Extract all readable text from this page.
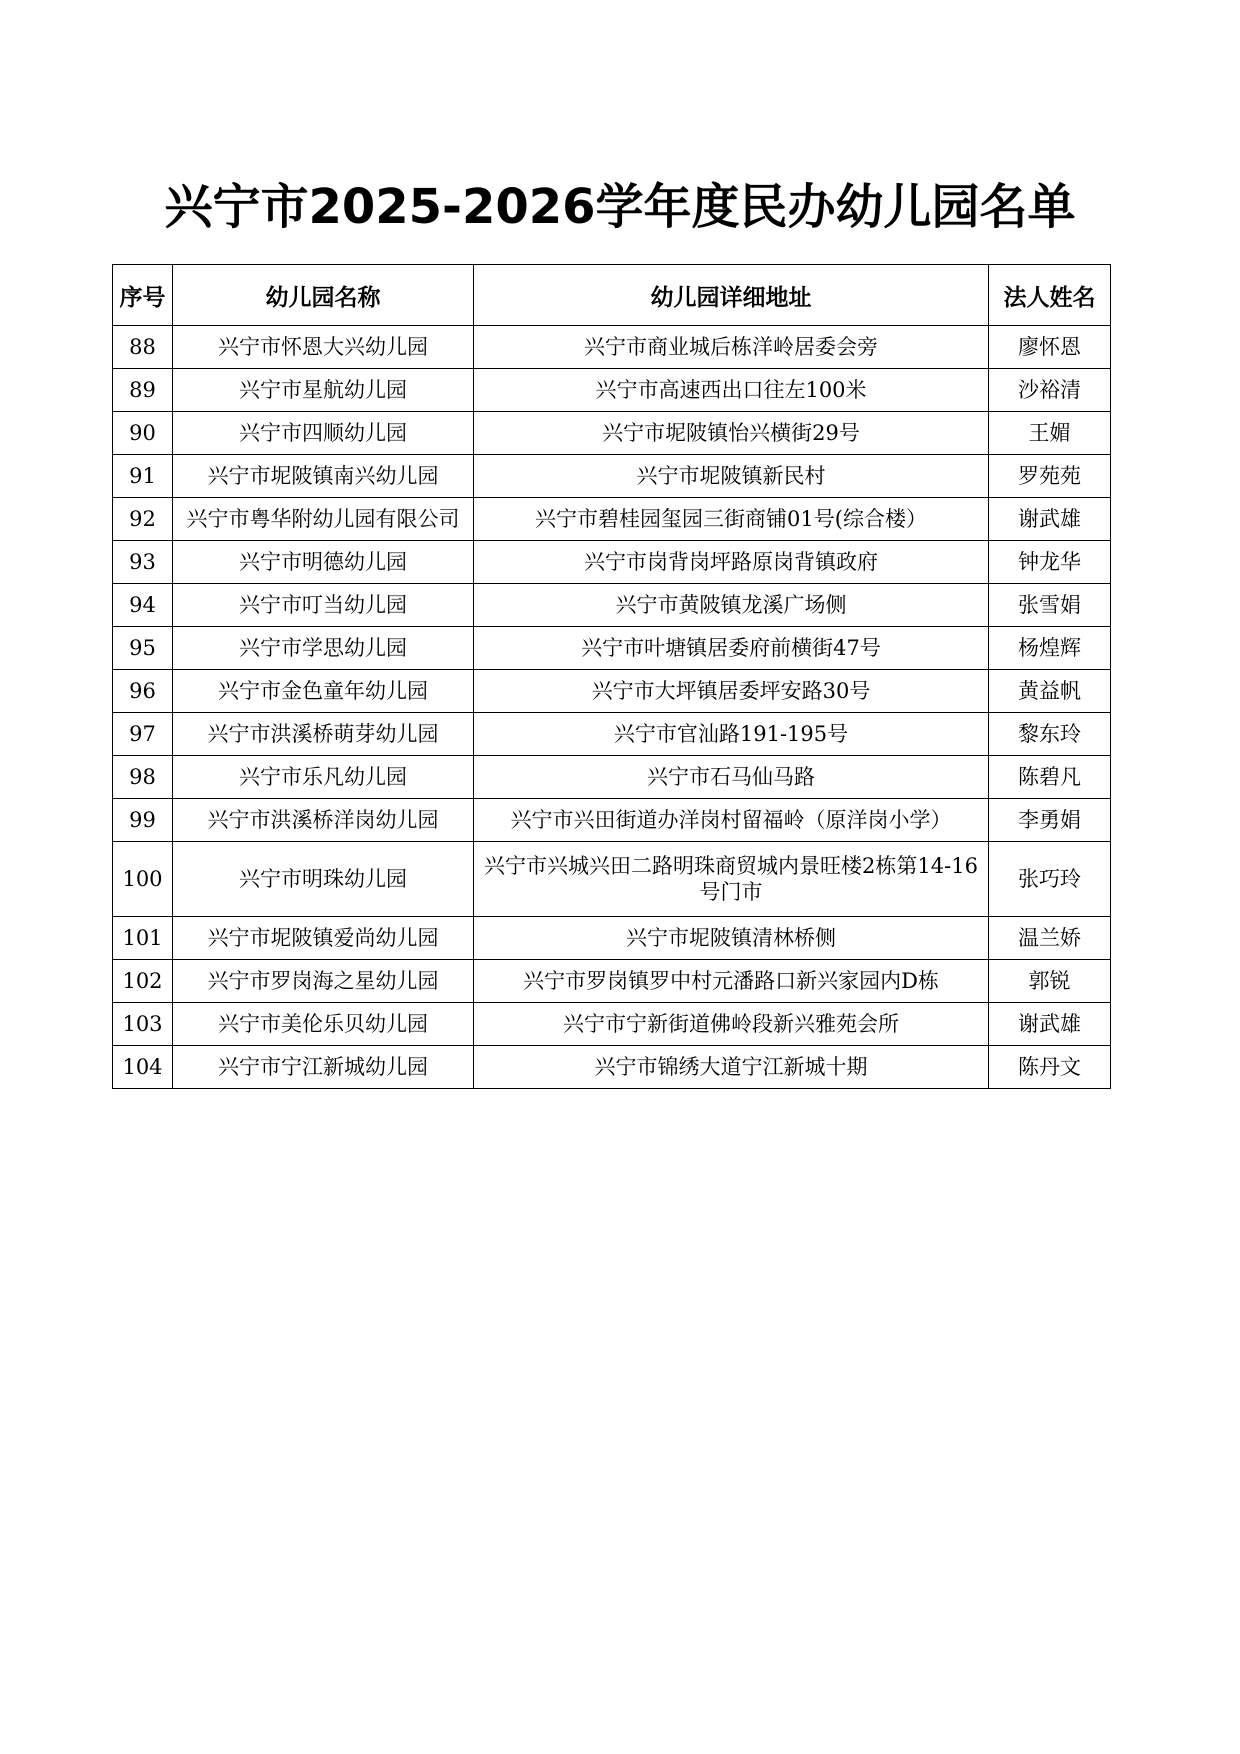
兴宁市2025-2026学年度民办幼儿园名单
序号	幼儿园名称	幼儿园详细地址	法人姓名
88	兴宁市怀恩大兴幼儿园	兴宁市商业城后栋洋岭居委会旁	廖怀恩
89	兴宁市星航幼儿园	兴宁市高速西出口往左100米	沙裕清
90	兴宁市四顺幼儿园	兴宁市坭陂镇怡兴横街29号	王媚
91	兴宁市坭陂镇南兴幼儿园	兴宁市坭陂镇新民村	罗苑苑
92	兴宁市粤华附幼儿园有限公司	兴宁市碧桂园玺园三街商铺01号(综合楼）	谢武雄
93	兴宁市明德幼儿园	兴宁市岗背岗坪路原岗背镇政府	钟龙华
94	兴宁市叮当幼儿园	兴宁市黄陂镇龙溪广场侧	张雪娟
95	兴宁市学思幼儿园	兴宁市叶塘镇居委府前横街47号	杨煌辉
96	兴宁市金色童年幼儿园	兴宁市大坪镇居委坪安路30号	黄益帆
97	兴宁市洪溪桥萌芽幼儿园	兴宁市官汕路191-195号	黎东玲
98	兴宁市乐凡幼儿园	兴宁市石马仙马路	陈碧凡
99	兴宁市洪溪桥洋岗幼儿园	兴宁市兴田街道办洋岗村留福岭（原洋岗小学）	李勇娟
100	兴宁市明珠幼儿园	兴宁市兴城兴田二路明珠商贸城内景旺楼2栋第14-16号门市	张巧玲
101	兴宁市坭陂镇爱尚幼儿园	兴宁市坭陂镇清林桥侧	温兰娇
102	兴宁市罗岗海之星幼儿园	兴宁市罗岗镇罗中村元潘路口新兴家园内D栋	郭锐
103	兴宁市美伦乐贝幼儿园	兴宁市宁新街道佛岭段新兴雅苑会所	谢武雄
104	兴宁市宁江新城幼儿园	兴宁市锦绣大道宁江新城十期	陈丹文
